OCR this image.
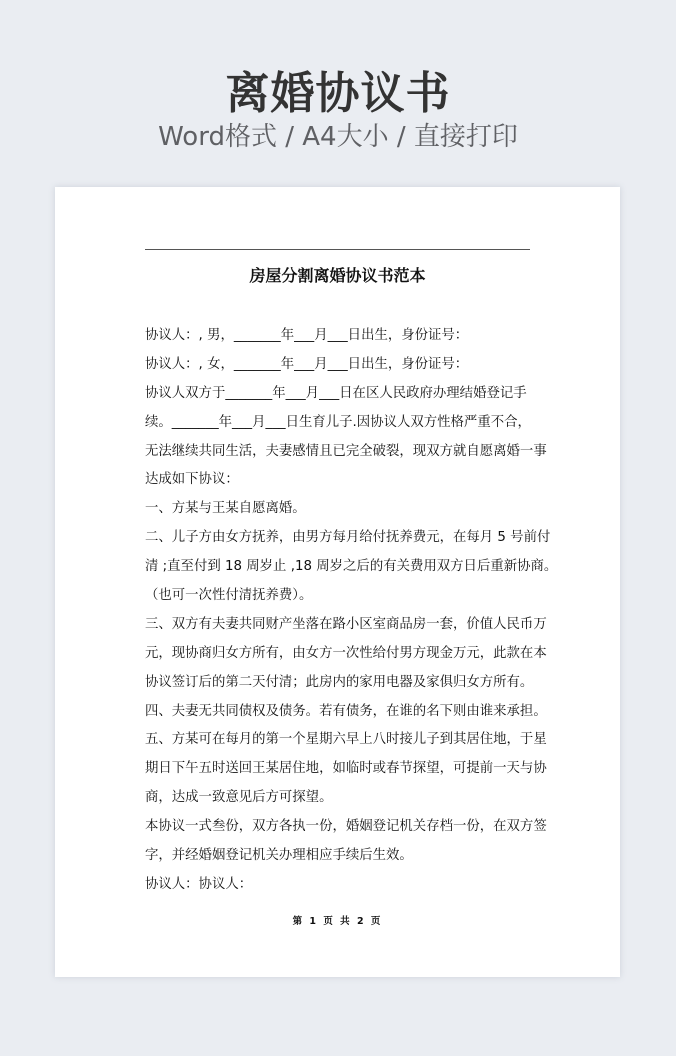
离婚协议书
Word格式 / A4大小 / 直接打印
房屋分割离婚协议书范本
协议人：, 男，_______年___月___日出生，身份证号：
协议人：, 女，_______年___月___日出生，身份证号：
协议人双方于_______年___月___日在区人民政府办理结婚登记手
续。_______年___月___日生育儿子.因协议人双方性格严重不合，
无法继续共同生活，夫妻感情且已完全破裂，现双方就自愿离婚一事
达成如下协议：
一、方某与王某自愿离婚。
二、儿子方由女方抚养，由男方每月给付抚养费元，在每月 5 号前付
清 ;直至付到 18 周岁止 ,18 周岁之后的有关费用双方日后重新协商。
（也可一次性付清抚养费）。
三、双方有夫妻共同财产坐落在路小区室商品房一套，价值人民币万
元，现协商归女方所有，由女方一次性给付男方现金万元，此款在本
协议签订后的第二天付清；此房内的家用电器及家俱归女方所有。
四、夫妻无共同债权及债务。若有债务，在谁的名下则由谁来承担。
五、方某可在每月的第一个星期六早上八时接儿子到其居住地，于星
期日下午五时送回王某居住地，如临时或春节探望，可提前一天与协
商，达成一致意见后方可探望。
本协议一式叁份，双方各执一份，婚姻登记机关存档一份，在双方签
字，并经婚姻登记机关办理相应手续后生效。
协议人：协议人：
第 1 页 共 2 页
